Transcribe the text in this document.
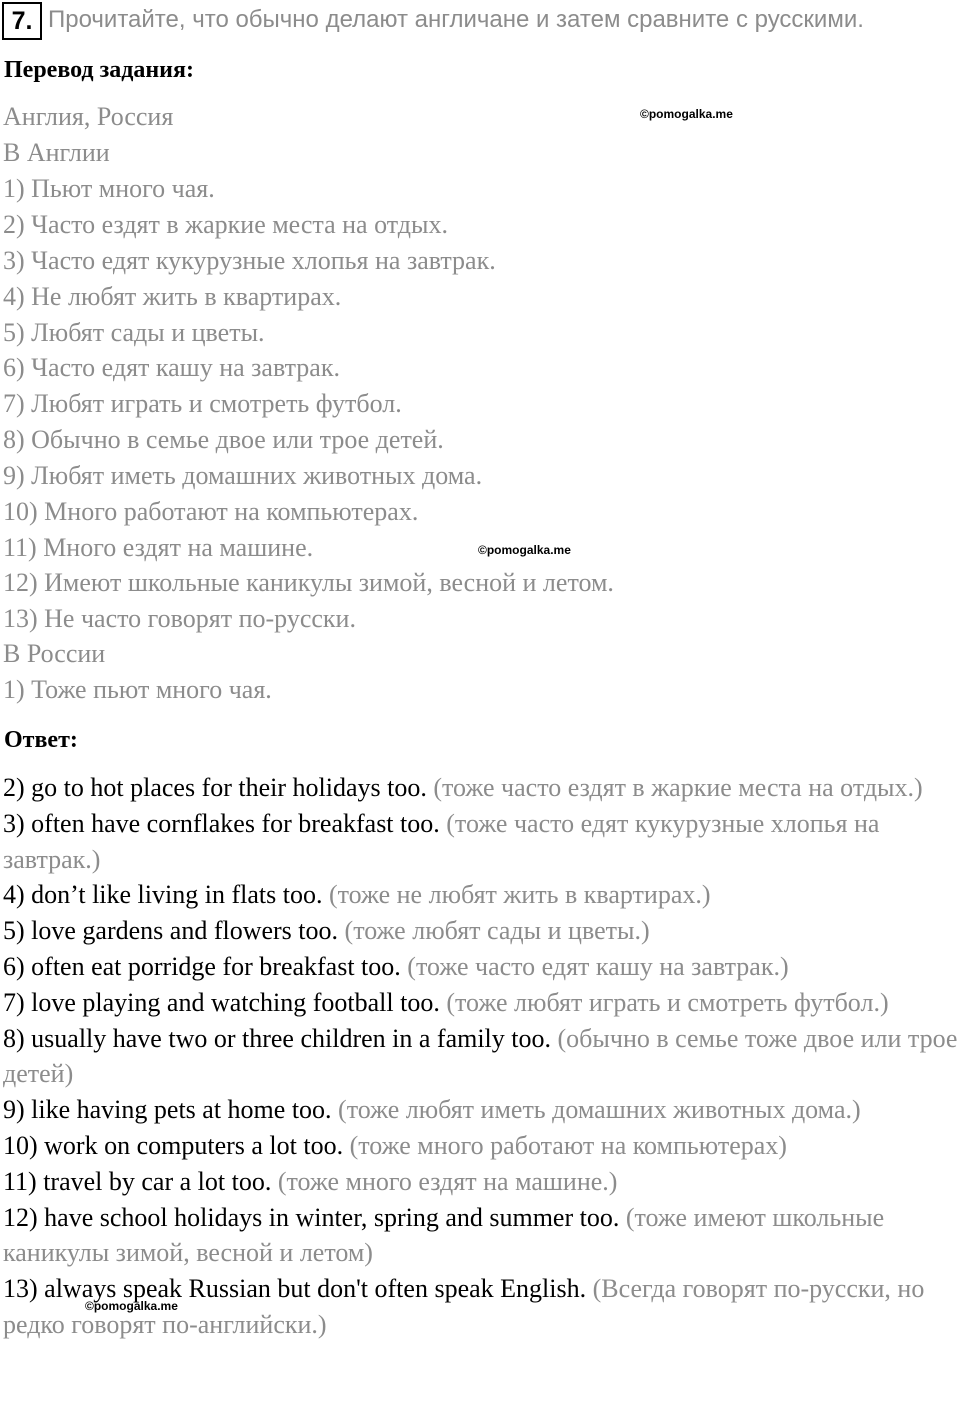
7. Прочитайте, что обычно делают англичане и затем сравните с русскими.
Перевод задания:
Англия, Россия
В Англии
1) Пьют много чая.
2) Часто ездят в жаркие места на отдых.
3) Часто едят кукурузные хлопья на завтрак.
4) Не любят жить в квартирах.
5) Любят сады и цветы.
6) Часто едят кашу на завтрак.
7) Любят играть и смотреть футбол.
8) Обычно в семье двое или трое детей.
9) Любят иметь домашних животных дома.
10) Много работают на компьютерах.
11) Много ездят на машине.
12) Имеют школьные каникулы зимой, весной и летом.
13) Не часто говорят по-русски.
В России
1) Тоже пьют много чая.
Ответ:

2) go to hot places for their holidays too. (тоже часто ездят в жаркие места на отдых.)

3) often have cornflakes for breakfast too. (тоже часто едят кукурузные хлопья на завтрак.)

4) don’t like living in flats too. (тоже не любят жить в квартирах.)

5) love gardens and flowers too. (тоже любят сады и цветы.)

6) often eat porridge for breakfast too. (тоже часто едят кашу на завтрак.)

7) love playing and watching football too. (тоже любят играть и смотреть футбол.)

8) usually have two or three children in a family too. (обычно в семье тоже двое или трое детей)

9) like having pets at home too. (тоже любят иметь домашних животных дома.)

10) work on computers a lot too. (тоже много работают на компьютерах)

11) travel by car a lot too. (тоже много ездят на машине.)

12) have school holidays in winter, spring and summer too. (тоже имеют школьные каникулы зимой, весной и летом)

13) always speak Russian but don't often speak English. (Всегда говорят по-русски, но редко говорят по-английски.)

©pomogalka.me
©pomogalka.me
©pomogalka.me
